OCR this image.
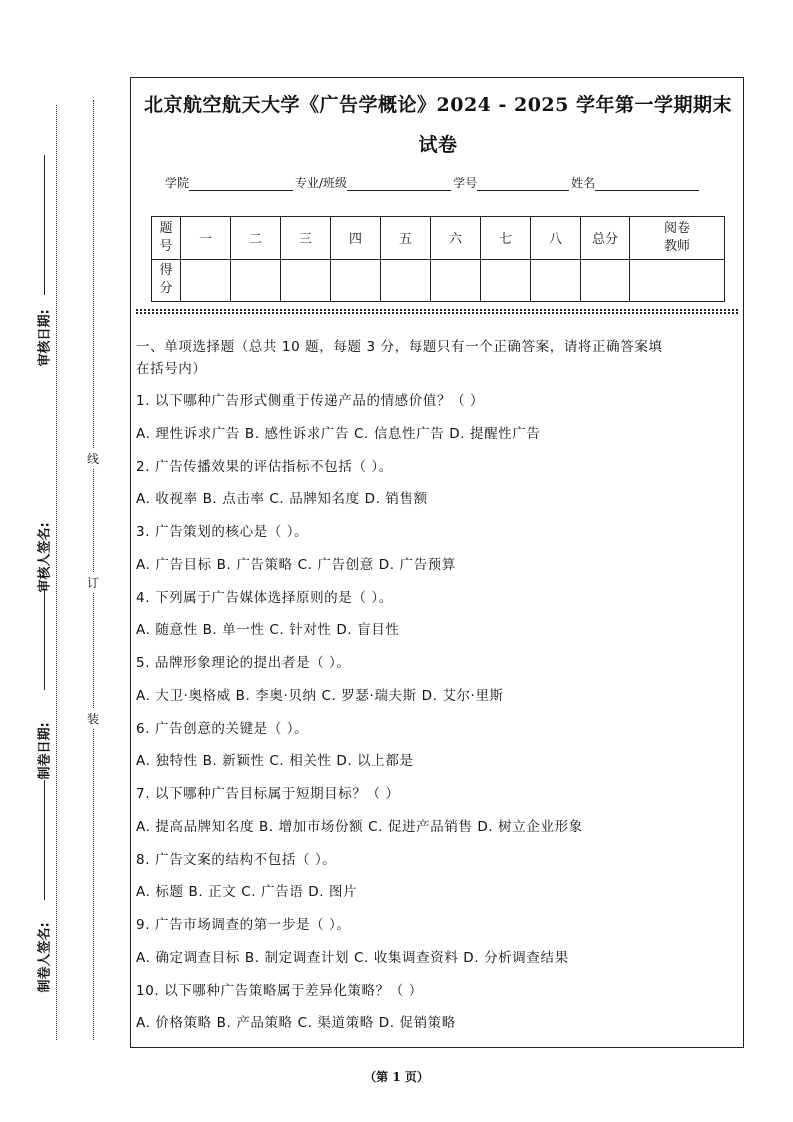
审核日期:
审核人签名:
制卷日期:
制卷人签名:
线
订
装
北京航空航天大学《广告学概论》2024 - 2025 学年第一学期期末
试卷
学院	专业/班级	学号	姓名
题号	一	二	三	四	五	六	七	八	总分	阅卷教师
得分										
一、单项选择题（总共 10 题，每题 3 分，每题只有一个正确答案，请将正确答案填
在括号内）
1. 以下哪种广告形式侧重于传递产品的情感价值？（ ）
A. 理性诉求广告 B. 感性诉求广告 C. 信息性广告 D. 提醒性广告
2. 广告传播效果的评估指标不包括（ ）。
A. 收视率 B. 点击率 C. 品牌知名度 D. 销售额
3. 广告策划的核心是（ ）。
A. 广告目标 B. 广告策略 C. 广告创意 D. 广告预算
4. 下列属于广告媒体选择原则的是（ ）。
A. 随意性 B. 单一性 C. 针对性 D. 盲目性
5. 品牌形象理论的提出者是（ ）。
A. 大卫·奥格威 B. 李奥·贝纳 C. 罗瑟·瑞夫斯 D. 艾尔·里斯
6. 广告创意的关键是（ ）。
A. 独特性 B. 新颖性 C. 相关性 D. 以上都是
7. 以下哪种广告目标属于短期目标？（ ）
A. 提高品牌知名度 B. 增加市场份额 C. 促进产品销售 D. 树立企业形象
8. 广告文案的结构不包括（ ）。
A. 标题 B. 正文 C. 广告语 D. 图片
9. 广告市场调查的第一步是（ ）。
A. 确定调查目标 B. 制定调查计划 C. 收集调查资料 D. 分析调查结果
10. 以下哪种广告策略属于差异化策略？（ ）
A. 价格策略 B. 产品策略 C. 渠道策略 D. 促销策略
（第 1 页）
